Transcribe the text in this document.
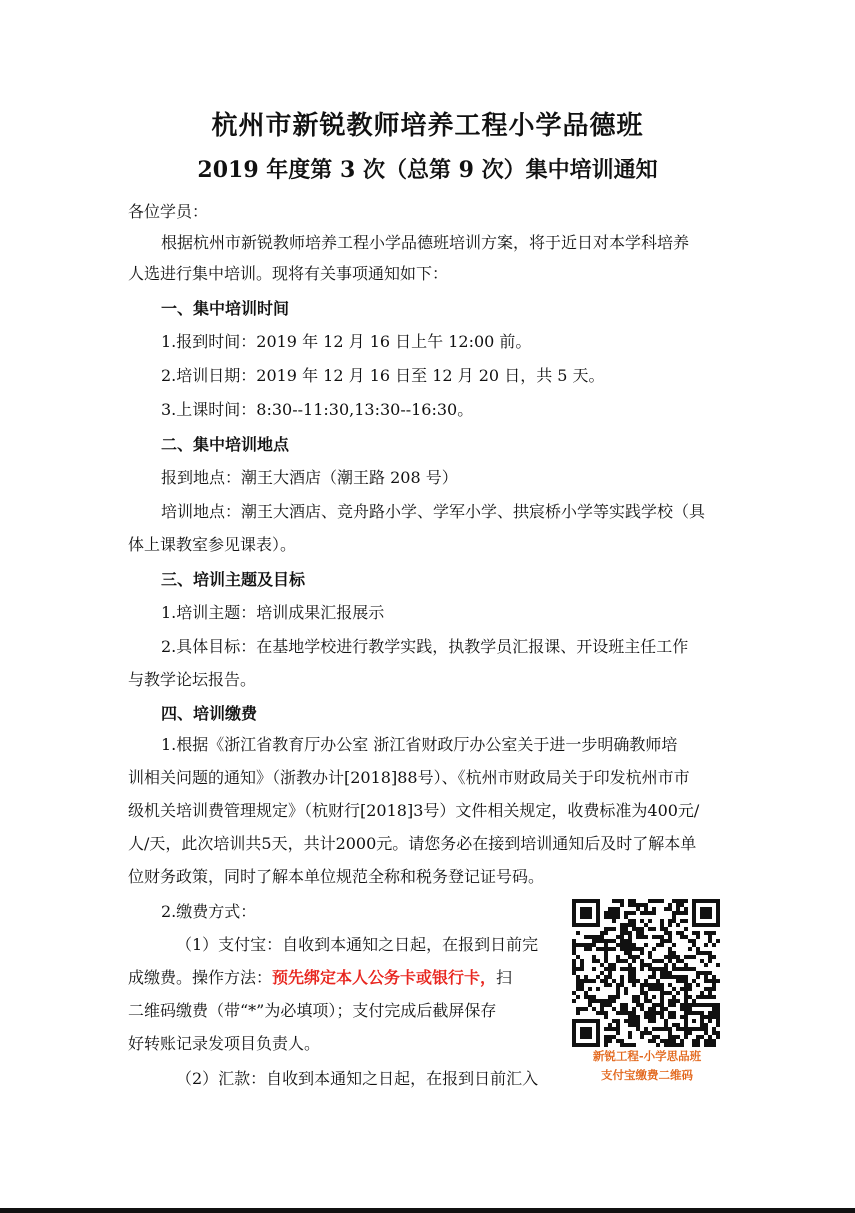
杭州市新锐教师培养工程小学品德班
2019 年度第 3 次（总第 9 次）集中培训通知
各位学员：
根据杭州市新锐教师培养工程小学品德班培训方案，将于近日对本学科培养
人选进行集中培训。现将有关事项通知如下：
一、集中培训时间
1.报到时间：2019 年 12 月 16 日上午 12:00 前。
2.培训日期：2019 年 12 月 16 日至 12 月 20 日，共 5 天。
3.上课时间：8:30--11:30,13:30--16:30。
二、集中培训地点
报到地点：潮王大酒店（潮王路 208 号）
培训地点：潮王大酒店、竞舟路小学、学军小学、拱宸桥小学等实践学校（具
体上课教室参见课表）。
三、培训主题及目标
1.培训主题：培训成果汇报展示
2.具体目标：在基地学校进行教学实践，执教学员汇报课、开设班主任工作
与教学论坛报告。
四、培训缴费
1.根据《浙江省教育厅办公室 浙江省财政厅办公室关于进一步明确教师培
训相关问题的通知》（浙教办计[2018]88号）、《杭州市财政局关于印发杭州市市
级机关培训费管理规定》（杭财行[2018]3号）文件相关规定，收费标准为400元/
人/天，此次培训共5天，共计2000元。请您务必在接到培训通知后及时了解本单
位财务政策，同时了解本单位规范全称和税务登记证号码。
2.缴费方式：
（1）支付宝：自收到本通知之日起，在报到日前完
成缴费。操作方法：预先绑定本人公务卡或银行卡，扫
二维码缴费（带“*”为必填项）；支付完成后截屏保存
好转账记录发项目负责人。
（2）汇款：自收到本通知之日起，在报到日前汇入
新锐工程-小学思品班
支付宝缴费二维码
